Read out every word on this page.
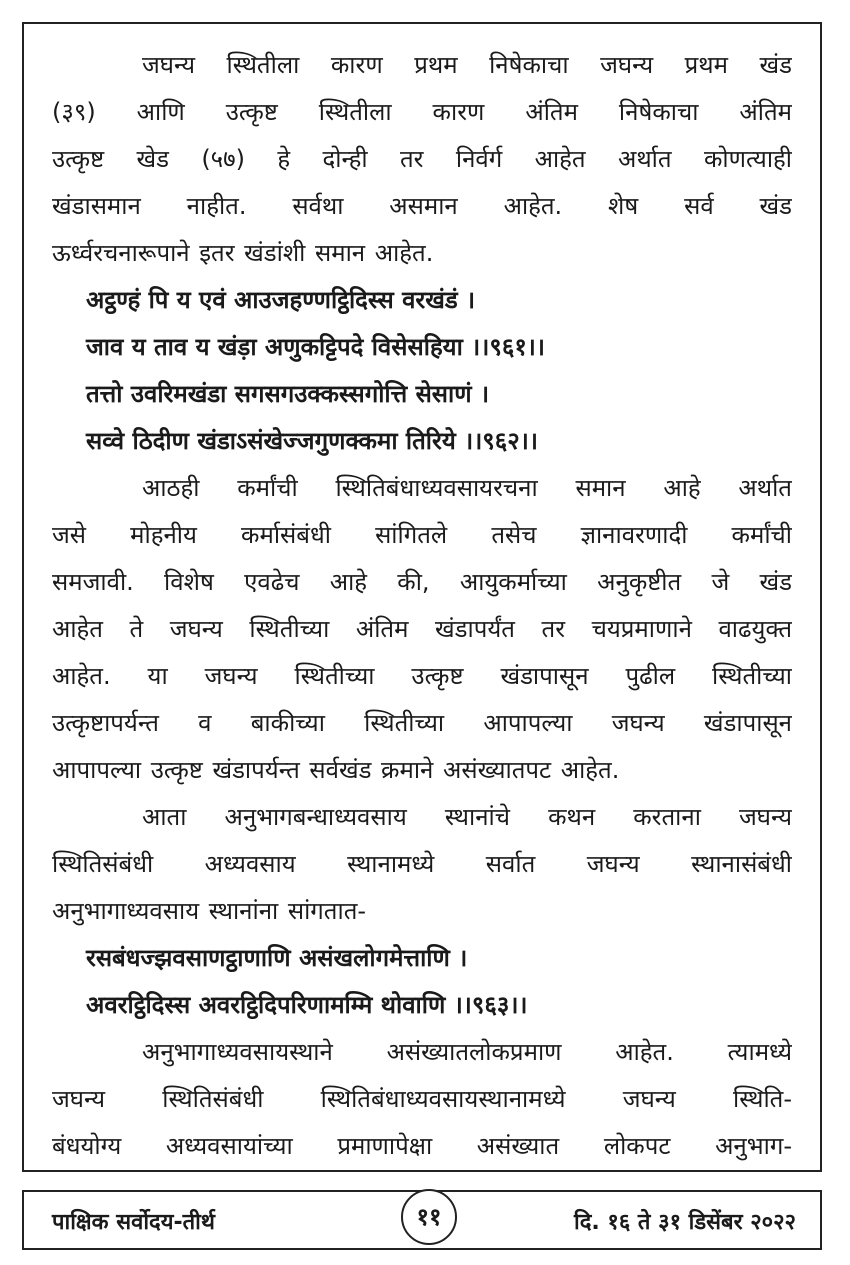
जघन्य स्थितीला कारण प्रथम निषेकाचा जघन्य प्रथम खंड
(३९) आणि उत्कृष्ट स्थितीला कारण अंतिम निषेकाचा अंतिम
उत्कृष्ट खेड (५७) हे दोन्ही तर निर्वर्ग आहेत अर्थात कोणत्याही
खंडासमान नाहीत. सर्वथा असमान आहेत. शेष सर्व खंड
ऊर्ध्वरचनारूपाने इतर खंडांशी समान आहेत.
अट्ठण्हं पि य एवं आउजहण्णट्ठिदिस्स वरखंडं ।
जाव य ताव य खंड़ा अणुकट्टिपदे विसेसहिया ।।९६१।।
तत्तो उवरिमखंडा सगसगउक्कस्सगोत्ति सेसाणं ।
सव्वे ठिदीण खंडाऽसंखेज्जगुणक्कमा तिरिये ।।९६२।।
आठही कर्मांची स्थितिबंधाध्यवसायरचना समान आहे अर्थात
जसे मोहनीय कर्मासंबंधी सांगितले तसेच ज्ञानावरणादी कर्मांची
समजावी. विशेष एवढेच आहे की, आयुकर्माच्या अनुकृष्टीत जे खंड
आहेत ते जघन्य स्थितीच्या अंतिम खंडापर्यंत तर चयप्रमाणाने वाढयुक्त
आहेत. या जघन्य स्थितीच्या उत्कृष्ट खंडापासून पुढील स्थितीच्या
उत्कृष्टापर्यन्त व बाकीच्या स्थितीच्या आपापल्या जघन्य खंडापासून
आपापल्या उत्कृष्ट खंडापर्यन्त सर्वखंड क्रमाने असंख्यातपट आहेत.
आता अनुभागबन्धाध्यवसाय स्थानांचे कथन करताना जघन्य
स्थितिसंबंधी अध्यवसाय स्थानामध्ये सर्वात जघन्य स्थानासंबंधी
अनुभागाध्यवसाय स्थानांना सांगतात-
रसबंधज्झवसाणट्ठाणाणि असंखलोगमेत्ताणि ।
अवरट्ठिदिस्स अवरट्ठिदिपरिणामम्मि थोवाणि ।।९६३।।
अनुभागाध्यवसायस्थाने असंख्यातलोकप्रमाण आहेत. त्यामध्ये
जघन्य स्थितिसंबंधी स्थितिबंधाध्यवसायस्थानामध्ये जघन्य स्थिति-
बंधयोग्य अध्यवसायांच्या प्रमाणापेक्षा असंख्यात लोकपट अनुभाग-
पाक्षिक सर्वोदय-तीर्थ	११	दि. १६ ते ३१ डिसेंबर २०२२
